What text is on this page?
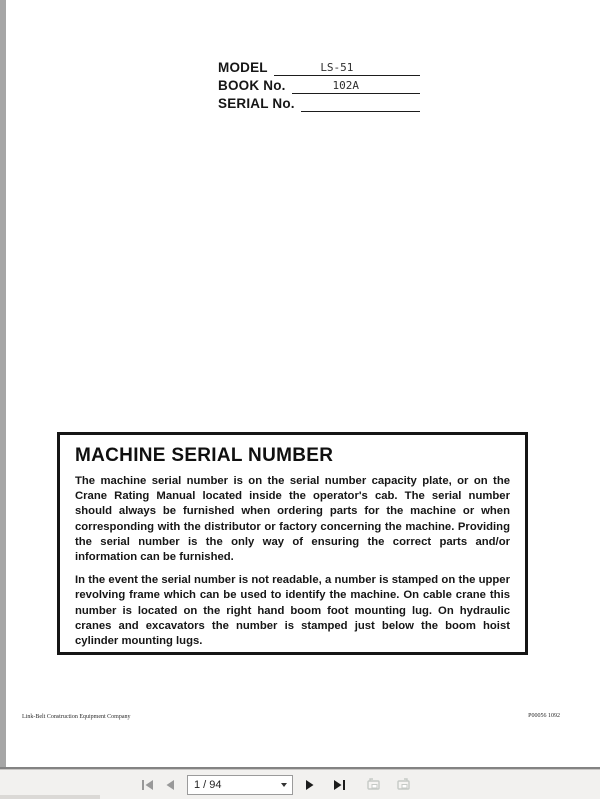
MODEL	LS-51
BOOK No.	102A
SERIAL No.
MACHINE SERIAL NUMBER

The machine serial number is on the serial number capacity plate, or on the Crane Rating Manual located inside the operator's cab. The serial number should always be furnished when ordering parts for the machine or when corresponding with the distributor or factory concerning the machine. Providing the serial number is the only way of ensuring the correct parts and/or information can be furnished.

In the event the serial number is not readable, a number is stamped on the upper revolving frame which can be used to identify the machine. On cable crane this number is located on the right hand boom foot mounting lug. On hydraulic cranes and excavators the number is stamped just below the boom hoist cylinder mounting lugs.

Link-Belt Construction Equipment Company	P00056 1092
1 / 94
